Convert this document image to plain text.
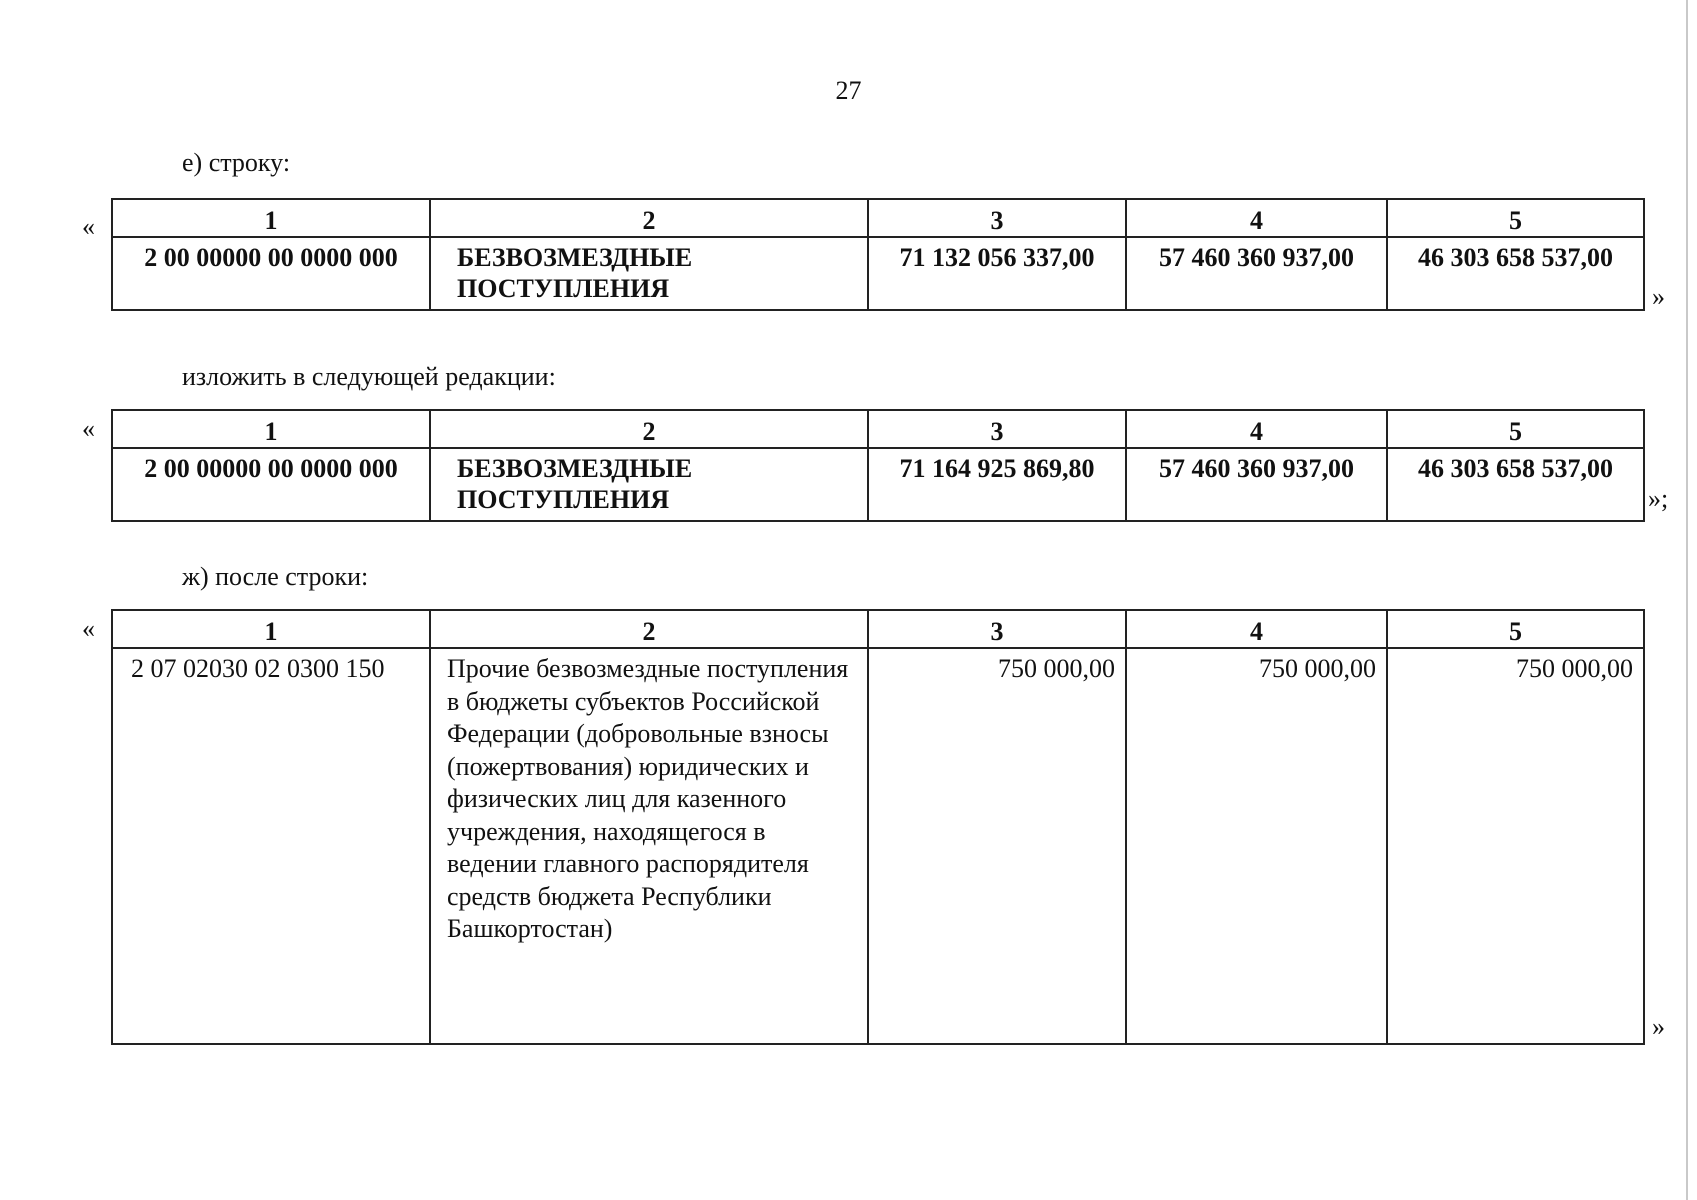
27
е) строку:
«	1	2	3	4	5
2 00 00000 00 0000 000	БЕЗВОЗМЕЗДНЫЕ ПОСТУПЛЕНИЯ	71 132 056 337,00	57 460 360 937,00	46 303 658 537,00
»
изложить в следующей редакции:
«	1	2	3	4	5
2 00 00000 00 0000 000	БЕЗВОЗМЕЗДНЫЕ ПОСТУПЛЕНИЯ	71 164 925 869,80	57 460 360 937,00	46 303 658 537,00
»;
ж) после строки:
«	1	2	3	4	5
2 07 02030 02 0300 150	Прочие безвозмездные поступления в бюджеты субъектов Российской Федерации (добровольные взносы (пожертвования) юридических и физических лиц для казенного учреждения, находящегося в ведении главного распорядителя средств бюджета Республики Башкортостан)	750 000,00	750 000,00	750 000,00
»
